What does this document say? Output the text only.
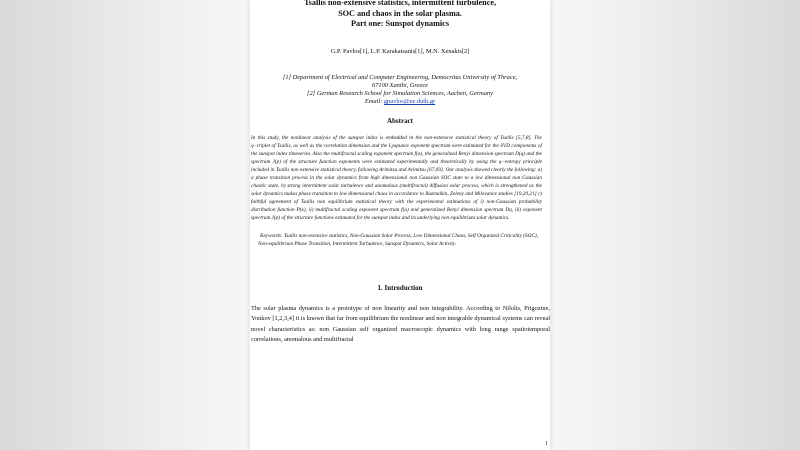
Tsallis non-extensive statistics, intermittent turbulence,
SOC and chaos in the solar plasma.
Part one: Sunspot dynamics
G.P. Pavlos[1], L.P. Karakatsanis[1], M.N. Xenakis[2]
[1] Department of Electrical and Computer Engineering, Democritus University of Thrace,
67100 Xanthi, Greece
[2] German Research School for Simulation Sciences, Aachen, Germany
Email: gpavlos@ee.duth.gr
Abstract
In this study, the nonlinear analysis of the sunspot index is embedded in the non-extensive statistical theory of Tsallis [5,7,8]. The q−triplet of Tsallis, as well as the correlation dimension and the Lyapunov exponent spectrum were estimated for the SVD components of the sunspot index timeseries. Also the multifractal scaling exponent spectrum f(a), the generalized Renyi dimension spectrum D(q) and the spectrum J(p) of the structure function exponents were estimated experimentally and theoretically by using the q−entropy principle included in Tsallis non extensive statistical theory, following Arimitsu and Arimitsu [67,69]. Our analysis showed clearly the following: a) a phase transition process in the solar dynamics from high dimensional non Gaussian SOC state to a low dimensional non Gaussian chaotic state, b) strong intermittent solar turbulence and anomalous (multifractal) diffusion solar process, which is strengthened as the solar dynamics makes phase transition to low dimensional chaos in accordance to Ruzmaikin, Zeleny and Milovanov studies [19,20,21] c) faithful agreement of Tsallis non equilibrium statistical theory with the experimental estimations of i) non-Gaussian probability distribution function P(x), ii) multifractal scaling exponent spectrum f(a) and generalized Renyi dimension spectrum Dq, iii) exponent spectrum J(p) of the structure functions estimated for the sunspot index and its underlying non equilibrium solar dynamics.
Keywords: Tsallis non-extensive statistics, Non-Gaussian Solar Process, Low Dimensional Chaos, Self Organized Criticality (SOC), Non-equilibrium Phase Transition, Intermittent Turbulence, Sunspot Dynamics, Solar Activity.
1. Introduction
The solar plasma dynamics is a prototype of non linearity and non integrability. According to Nilolis, Prigozine, Yonkov [1,2,3,4] it is known that far from equilibrium the nonlinear and non integrable dynamical systems can reveal novel characteristics as: non Gaussian self organized macroscopic dynamics with long range spatiotemporal correlations, anomalous and multifractal
1
